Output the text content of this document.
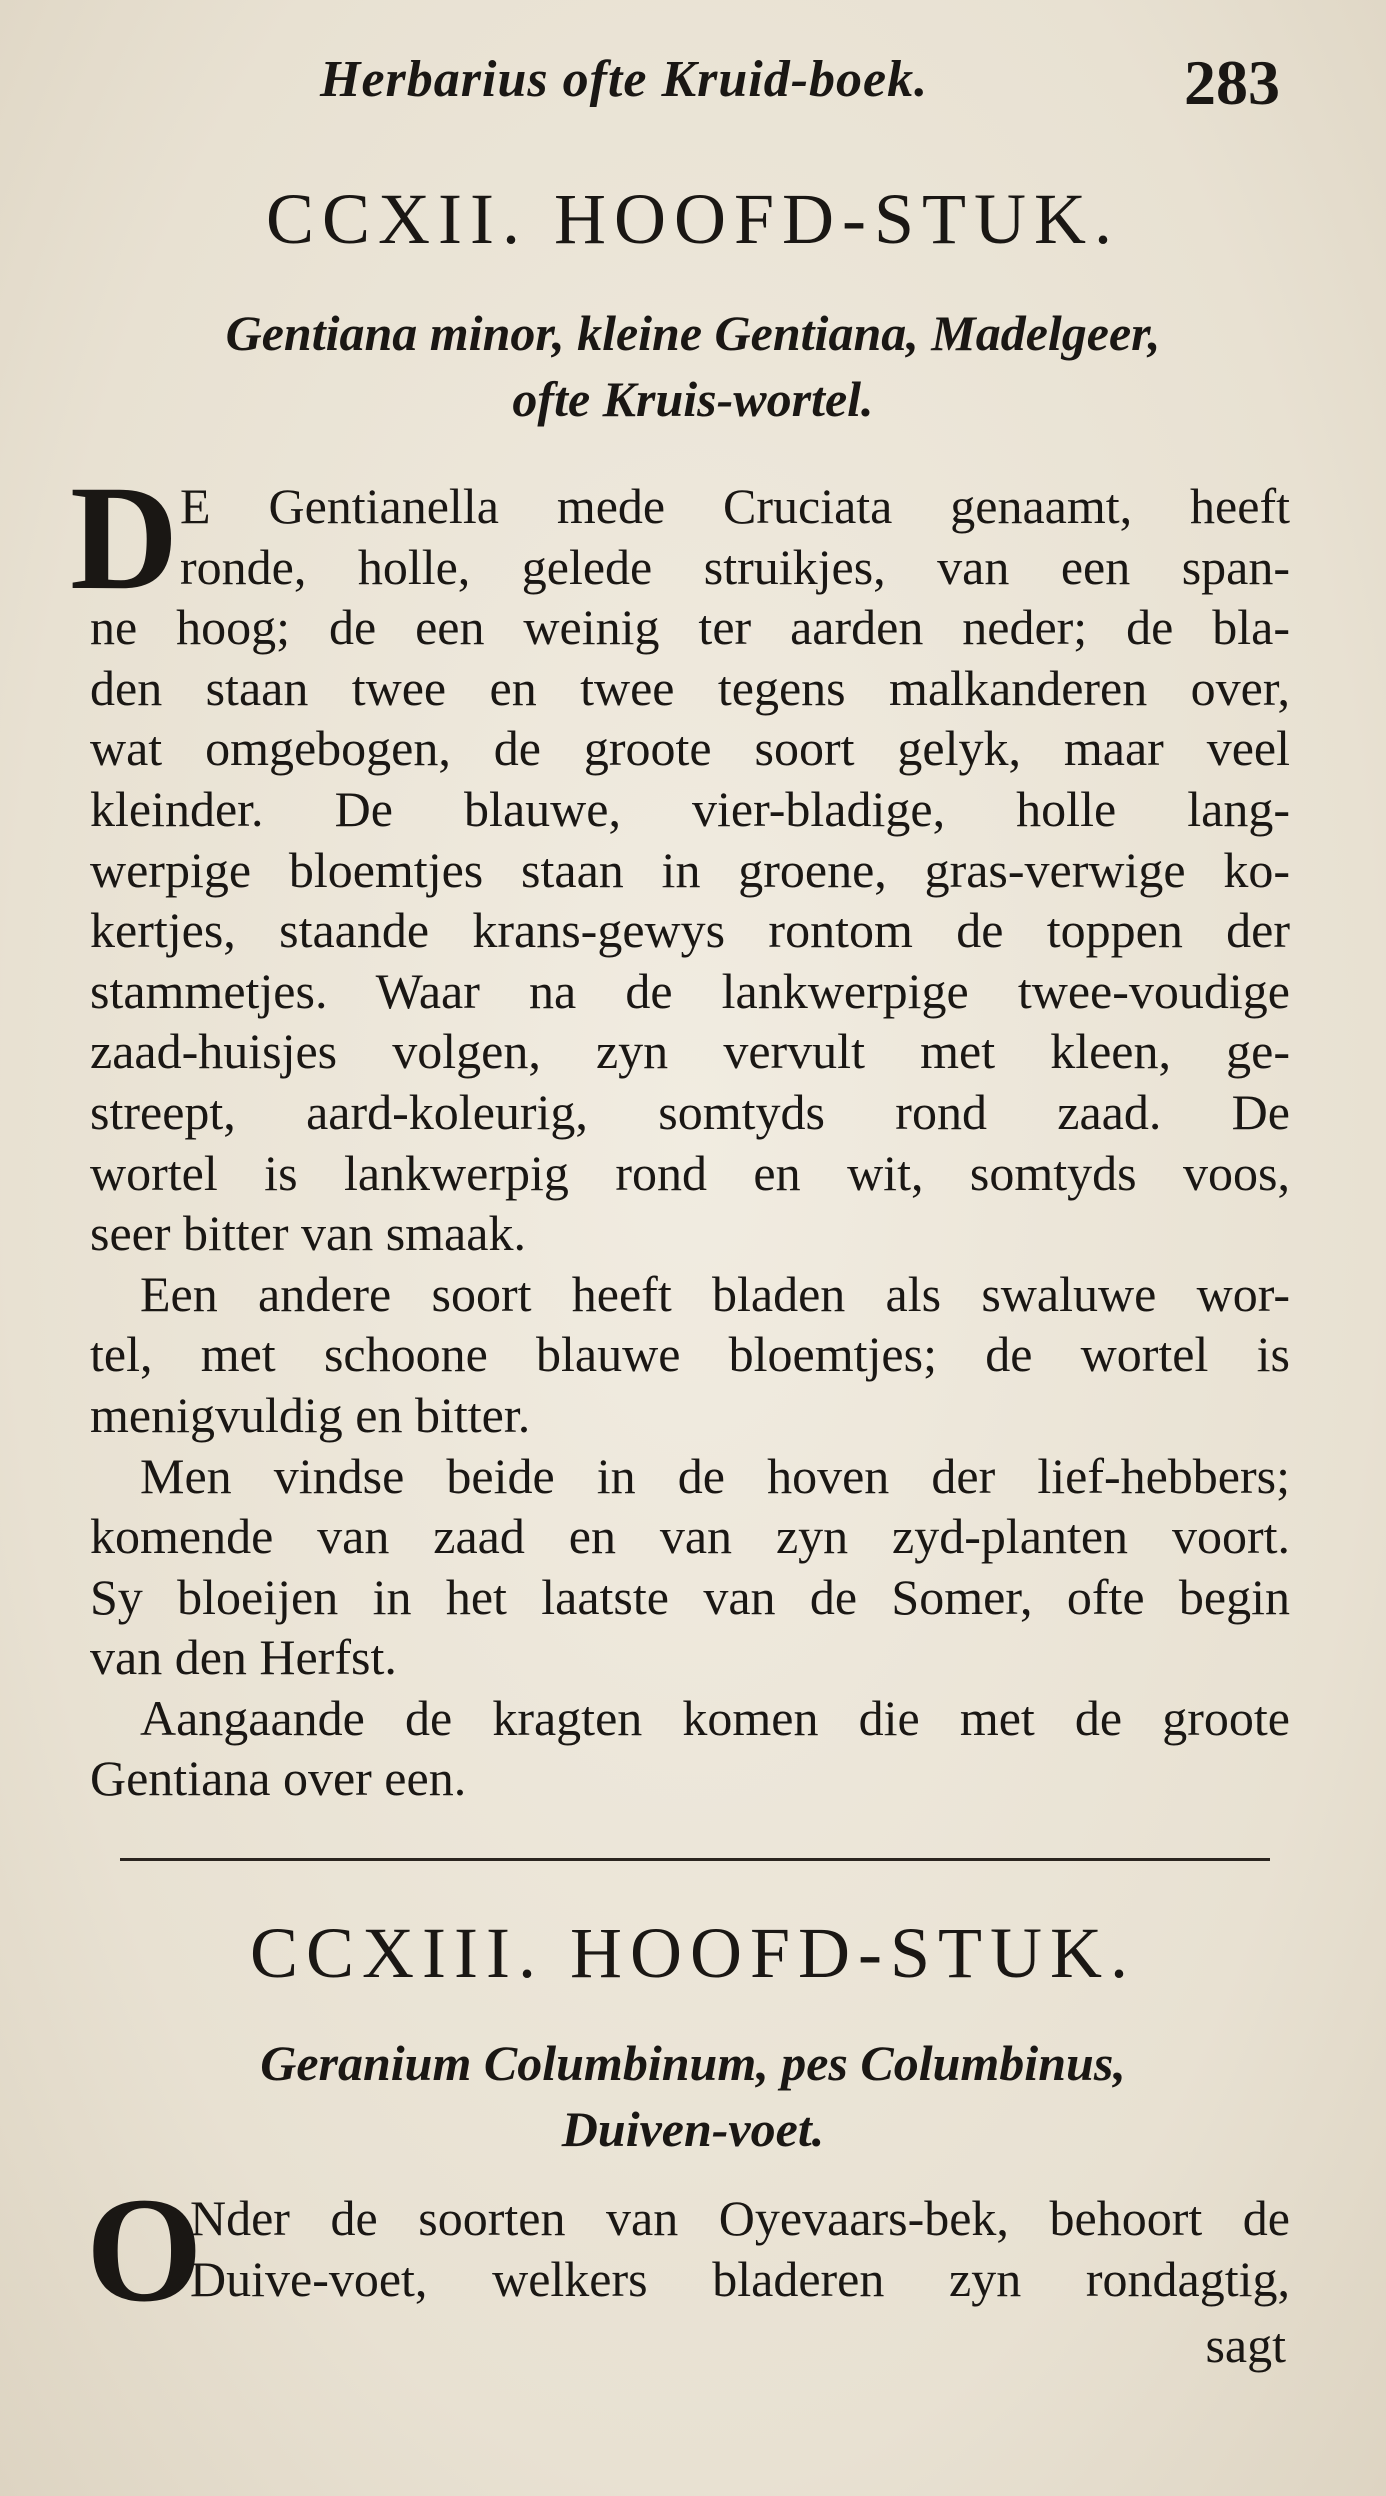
Herbarius ofte Kruid-boek.	283
CCXII. HOOFD-STUK.
Gentiana minor, kleine Gentiana, Madelgeer,
ofte Kruis-wortel.
D E Gentianella mede Cruciata genaamt, heeft
ronde, holle, gelede struikjes, van een span-
ne hoog; de een weinig ter aarden neder; de bla-
den staan twee en twee tegens malkanderen over,
wat omgebogen, de groote soort gelyk, maar veel
kleinder. De blauwe, vier-bladige, holle lang-
werpige bloemtjes staan in groene, gras-verwige ko-
kertjes, staande krans-gewys rontom de toppen der
stammetjes. Waar na de lankwerpige twee-voudige
zaad-huisjes volgen, zyn vervult met kleen, ge-
streept, aard-koleurig, somtyds rond zaad. De
wortel is lankwerpig rond en wit, somtyds voos,
seer bitter van smaak.
Een andere soort heeft bladen als swaluwe wor-
tel, met schoone blauwe bloemtjes; de wortel is
menigvuldig en bitter.
Men vindse beide in de hoven der lief-hebbers;
komende van zaad en van zyn zyd-planten voort.
Sy bloeijen in het laatste van de Somer, ofte begin
van den Herfst.
Aangaande de kragten komen die met de groote
Gentiana over een.
CCXIII. HOOFD-STUK.
Geranium Columbinum, pes Columbinus,
Duiven-voet.
O
Nder de soorten van Oyevaars-bek, behoort de
Duive-voet, welkers bladeren zyn rondagtig,
sagt
